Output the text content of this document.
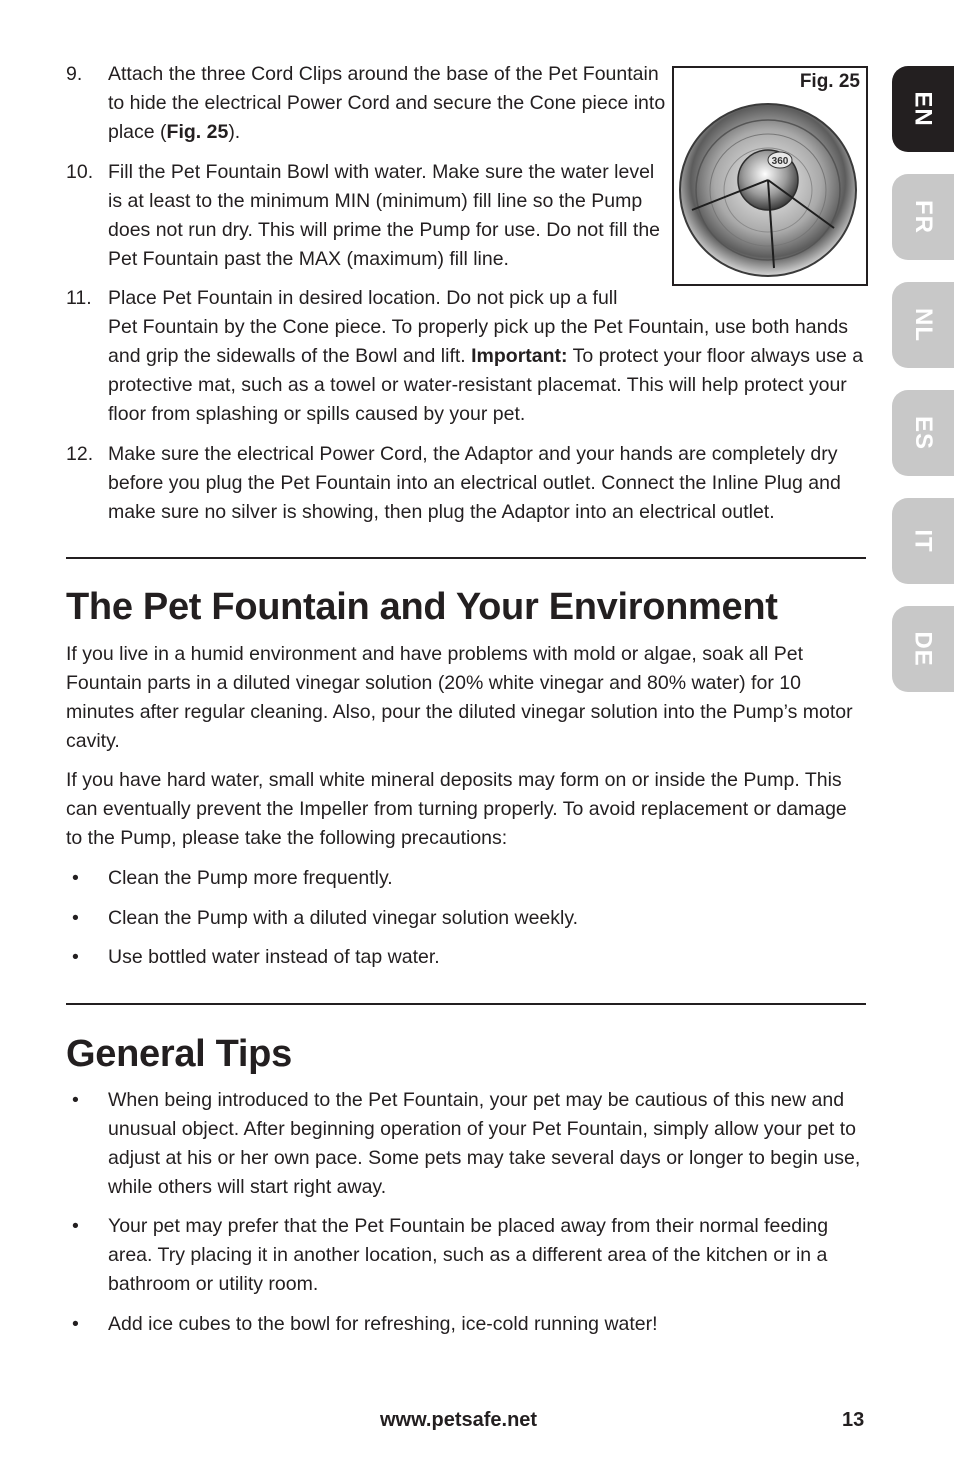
9. Attach the three Cord Clips around the base of the Pet Fountain to hide the electrical Power Cord and secure the Cone piece into place (Fig. 25).
10. Fill the Pet Fountain Bowl with water. Make sure the water level is at least to the minimum MIN (minimum) fill line so the Pump does not run dry. This will prime the Pump for use. Do not fill the Pet Fountain past the MAX (maximum) fill line.
11. Place Pet Fountain in desired location. Do not pick up a full
Pet Fountain by the Cone piece. To properly pick up the Pet Fountain, use both hands and grip the sidewalls of the Bowl and lift. Important: To protect your floor always use a protective mat, such as a towel or water-resistant placemat. This will help protect your floor from splashing or spills caused by your pet.
12. Make sure the electrical Power Cord, the Adaptor and your hands are completely dry before you plug the Pet Fountain into an electrical outlet. Connect the Inline Plug and make sure no silver is showing, then plug the Adaptor into an electrical outlet.
360
Fig. 25
The Pet Fountain and Your Environment

If you live in a humid environment and have problems with mold or algae, soak all Pet Fountain parts in a diluted vinegar solution (20% white vinegar and 80% water) for 10 minutes after regular cleaning. Also, pour the diluted vinegar solution into the Pump’s motor cavity.

If you have hard water, small white mineral deposits may form on or inside the Pump. This can eventually prevent the Impeller from turning properly. To avoid replacement or damage to the Pump, please take the following precautions:

• Clean the Pump more frequently.
• Clean the Pump with a diluted vinegar solution weekly.
• Use bottled water instead of tap water.
General Tips
• When being introduced to the Pet Fountain, your pet may be cautious of this new and unusual object. After beginning operation of your Pet Fountain, simply allow your pet to adjust at his or her own pace. Some pets may take several days or longer to begin use, while others will start right away.
• Your pet may prefer that the Pet Fountain be placed away from their normal feeding area. Try placing it in another location, such as a different area of the kitchen or in a bathroom or utility room.
• Add ice cubes to the bowl for refreshing, ice-cold running water!
EN
FR
NL
ES
IT
DE
www.petsafe.net	13
